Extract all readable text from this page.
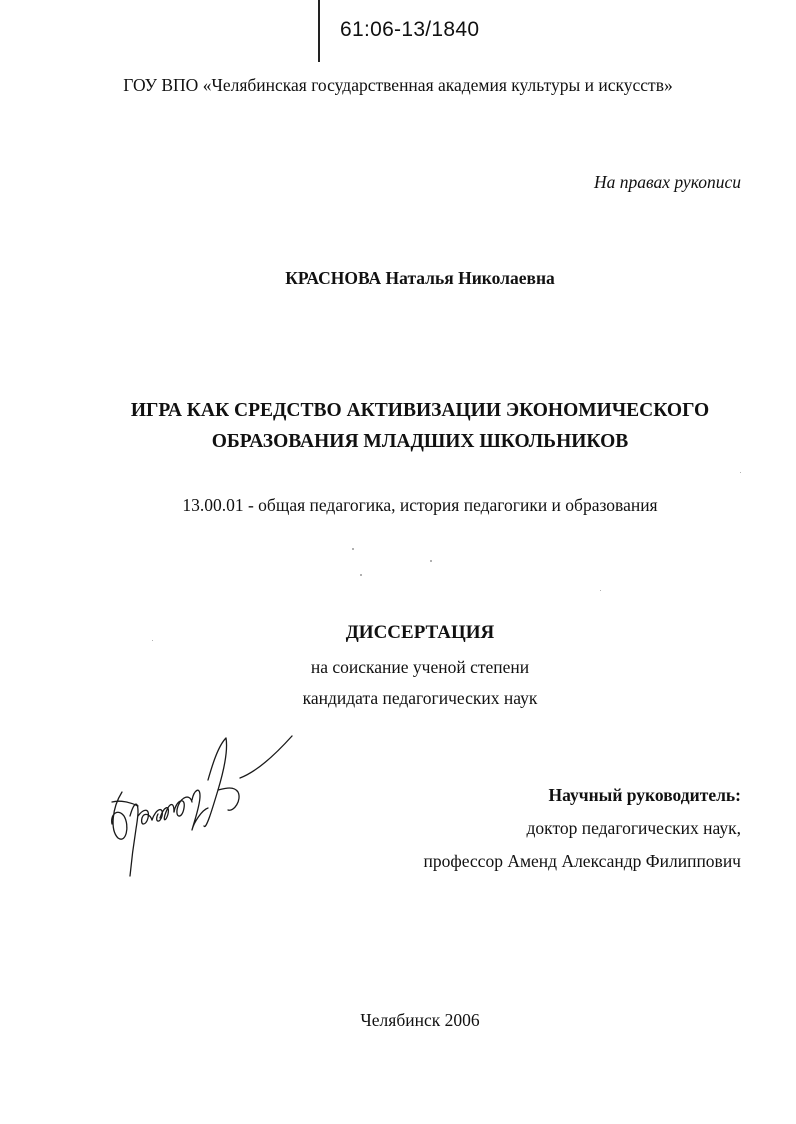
61:06-13/1840
ГОУ ВПО «Челябинская государственная академия культуры и искусств»
На правах рукописи
КРАСНОВА Наталья Николаевна
ИГРА КАК СРЕДСТВО АКТИВИЗАЦИИ ЭКОНОМИЧЕСКОГО
ОБРАЗОВАНИЯ МЛАДШИХ ШКОЛЬНИКОВ
13.00.01 - общая педагогика, история педагогики и образования
ДИССЕРТАЦИЯ
на соискание ученой степени
кандидата педагогических наук
Научный руководитель:
доктор педагогических наук,
профессор Аменд Александр Филиппович
Челябинск 2006
